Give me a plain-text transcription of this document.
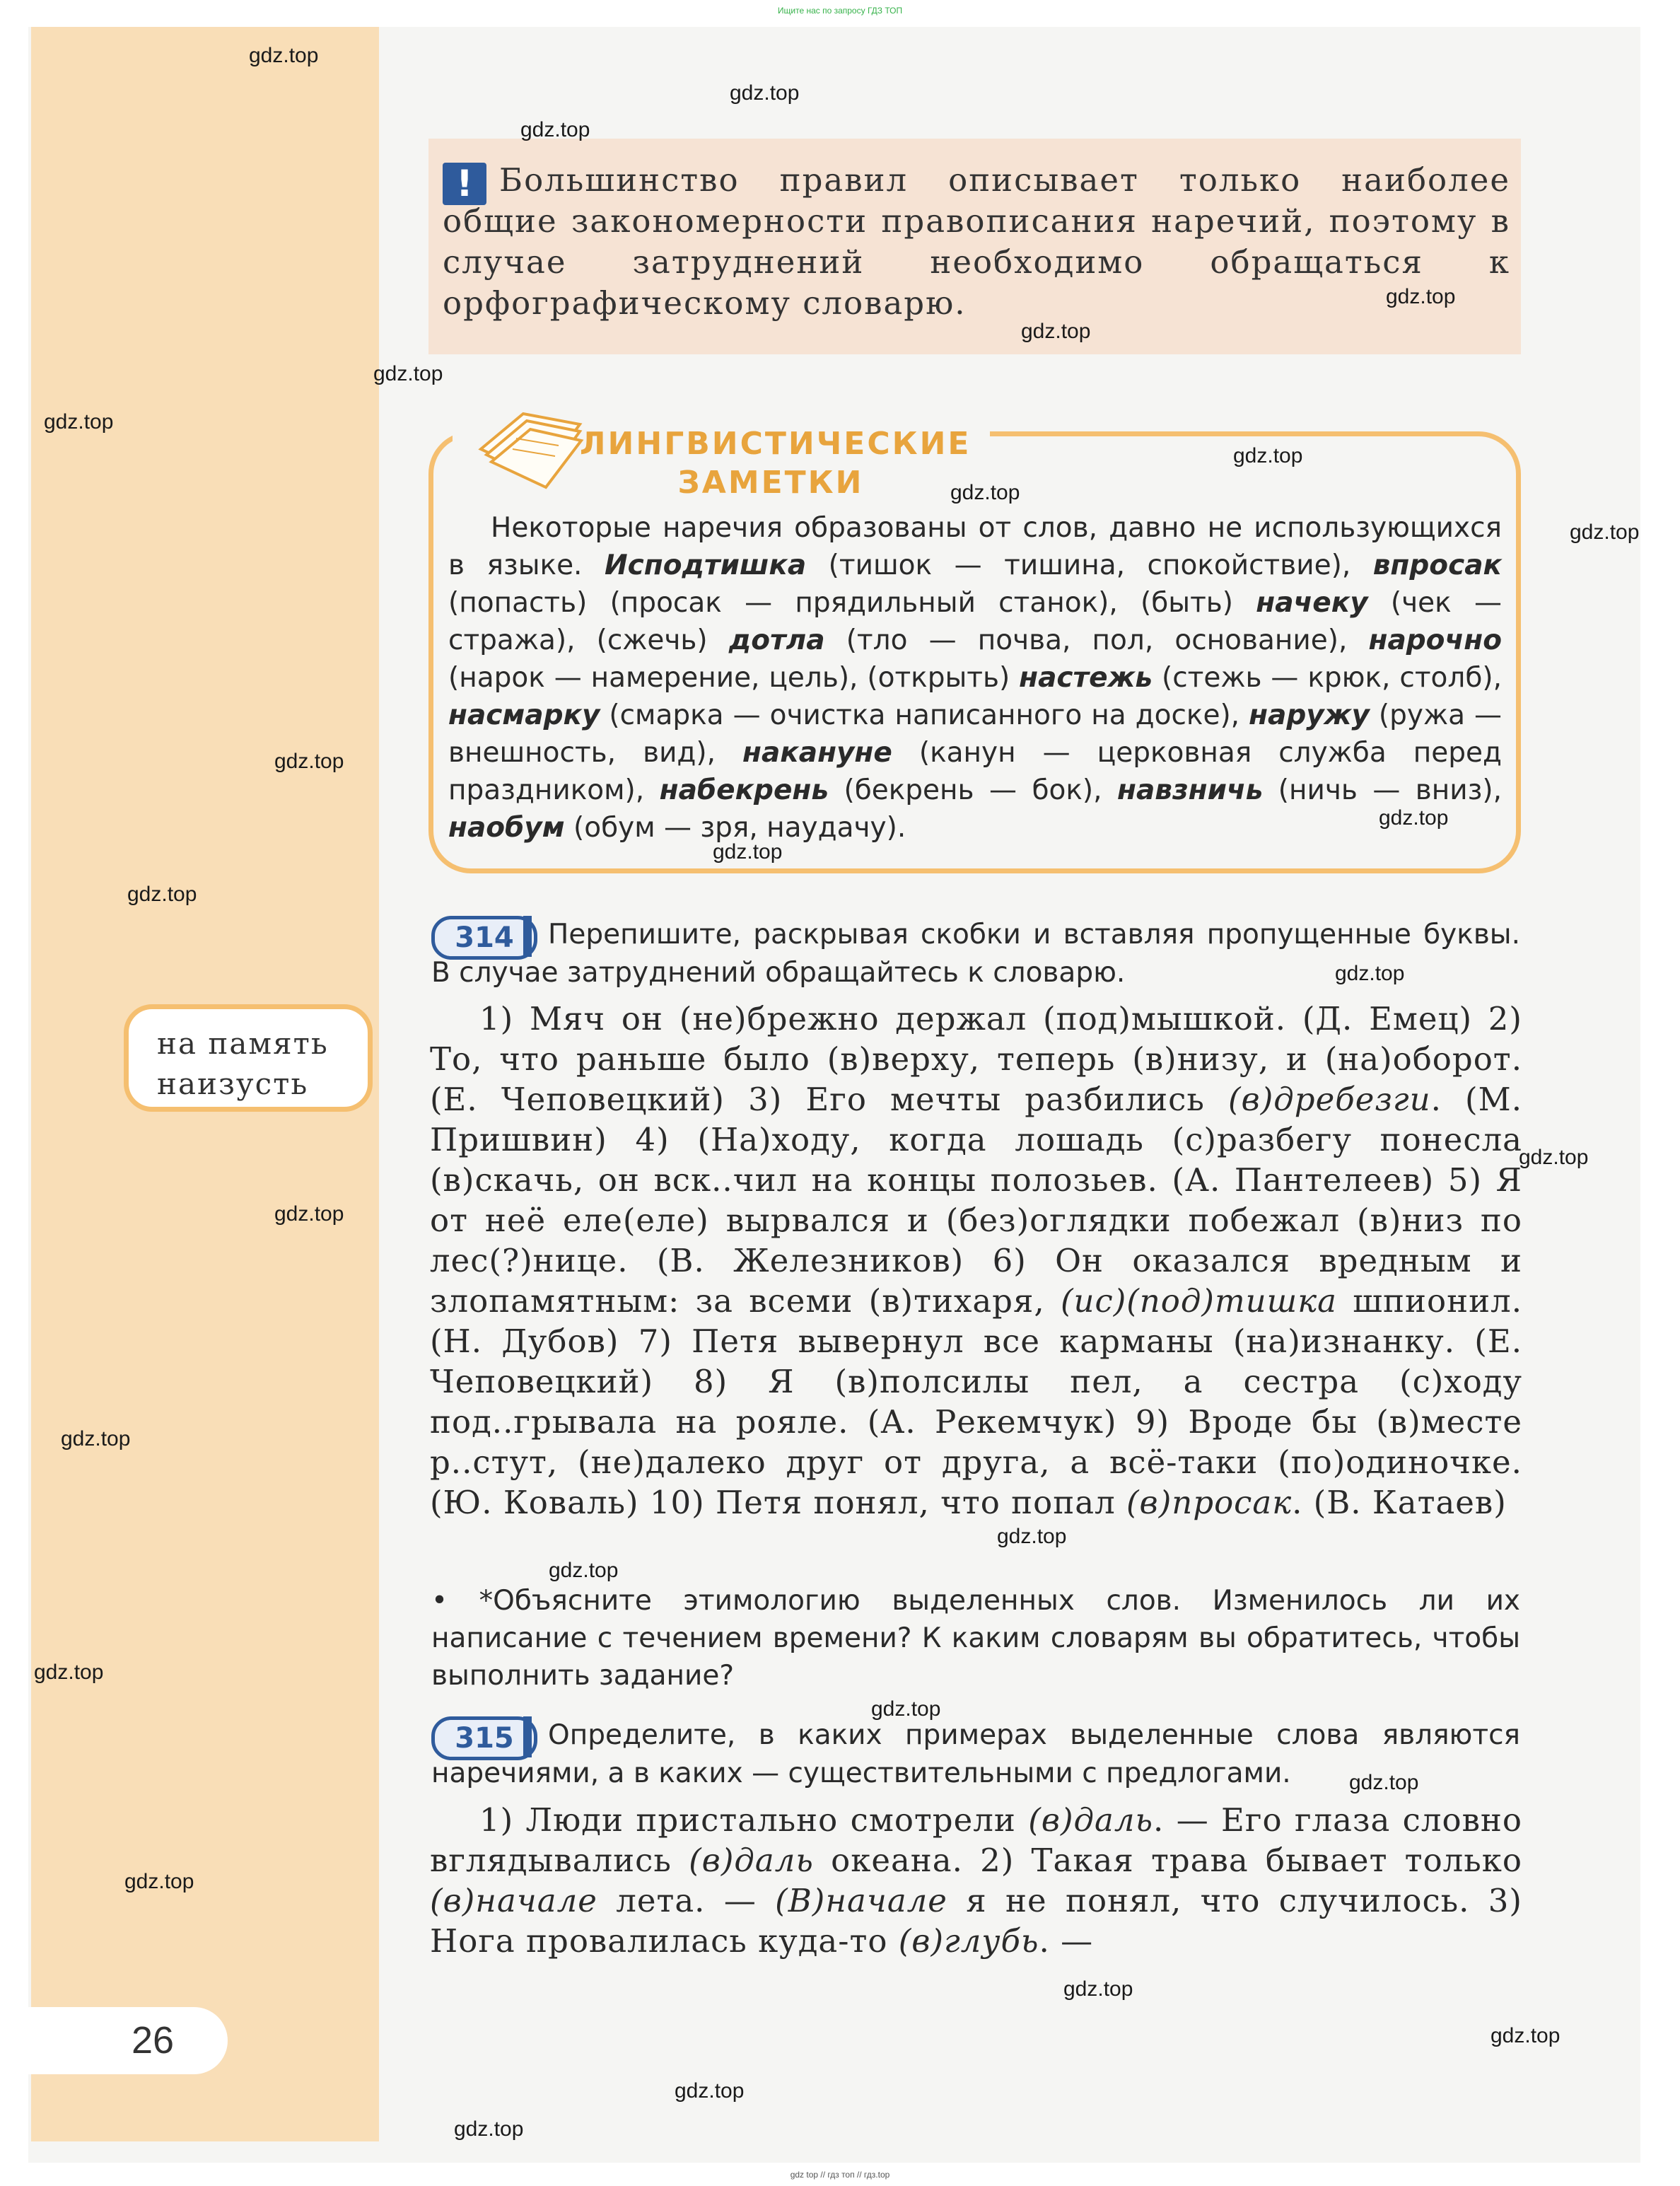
Ищите нас по запросу ГДЗ ТОП
! Большинство правил описывает только наиболее общие закономерности правописания наречий, поэтому в случае затруднений необходимо обращаться к орфографическому словарю.
ЛИНГВИСТИЧЕСКИЕ
ЗАМЕТКИ
Некоторые наречия образованы от слов, давно не использующихся в языке. Исподтишка (тишок — тишина, спокойствие), впросак (попасть) (просак — прядильный станок), (быть) начеку (чек — стража), (сжечь) дотла (тло — почва, пол, основание), нарочно (нарок — намерение, цель), (открыть) настежь (стежь — крюк, столб), насмарку (смарка — очистка написанного на доске), наружу (ружа — внешность, вид), накануне (канун — церковная служба перед праздником), набекрень (бекрень — бок), навзничь (ничь — вниз), наобум (обум — зря, наудачу).
на память
наизусть
314	Перепишите, раскрывая скобки и вставляя пропущенные буквы. В случае затруднений обращайтесь к словарю.
1) Мяч он (не)брежно держал (под)мышкой. (Д. Емец) 2) То, что раньше было (в)верху, теперь (в)низу, и (на)оборот. (Е. Чеповецкий) 3) Его мечты разбились (в)дребезги. (М. Пришвин) 4) (На)ходу, когда лошадь (с)разбегу понесла (в)скачь, он вск..чил на концы полозьев. (А. Пантелеев) 5) Я от неё еле(еле) вырвался и (без)оглядки побежал (в)низ по лес(?)нице. (В. Железников) 6) Он оказался вредным и злопамятным: за всеми (в)тихаря, (ис)(под)тишка шпионил. (Н. Дубов) 7) Петя вывернул все карманы (на)изнанку. (Е. Чеповецкий) 8) Я (в)полсилы пел, а сестра (с)ходу под..грывала на рояле. (А. Рекемчук) 9) Вроде бы (в)месте р..стут, (не)далеко друг от друга, а всё-таки (по)одиночке. (Ю. Коваль) 10) Петя понял, что попал (в)просак. (В. Катаев)
• *Объясните этимологию выделенных слов. Изменилось ли их написание с течением времени? К каким словарям вы обратитесь, чтобы выполнить задание?
315	Определите, в каких примерах выделенные слова являются наречиями, а в каких — существительными с предлогами.
1) Люди пристально смотрели (в)даль. — Его глаза словно вглядывались (в)даль океана. 2) Такая трава бывает только (в)начале лета. — (В)начале я не понял, что случилось. 3) Нога провалилась куда-то (в)глубь. —
26
gdz.top
gdz.top
gdz.top
gdz.top
gdz.top
gdz.top
gdz.top
gdz.top
gdz.top
gdz.top
gdz.top
gdz.top
gdz.top
gdz.top
gdz.top
gdz.top
gdz.top
gdz.top
gdz.top
gdz.top
gdz.top
gdz.top
gdz.top
gdz.top
gdz.top
gdz.top
gdz.top
gdz.top
gdz top // гдз топ // гдз.top
